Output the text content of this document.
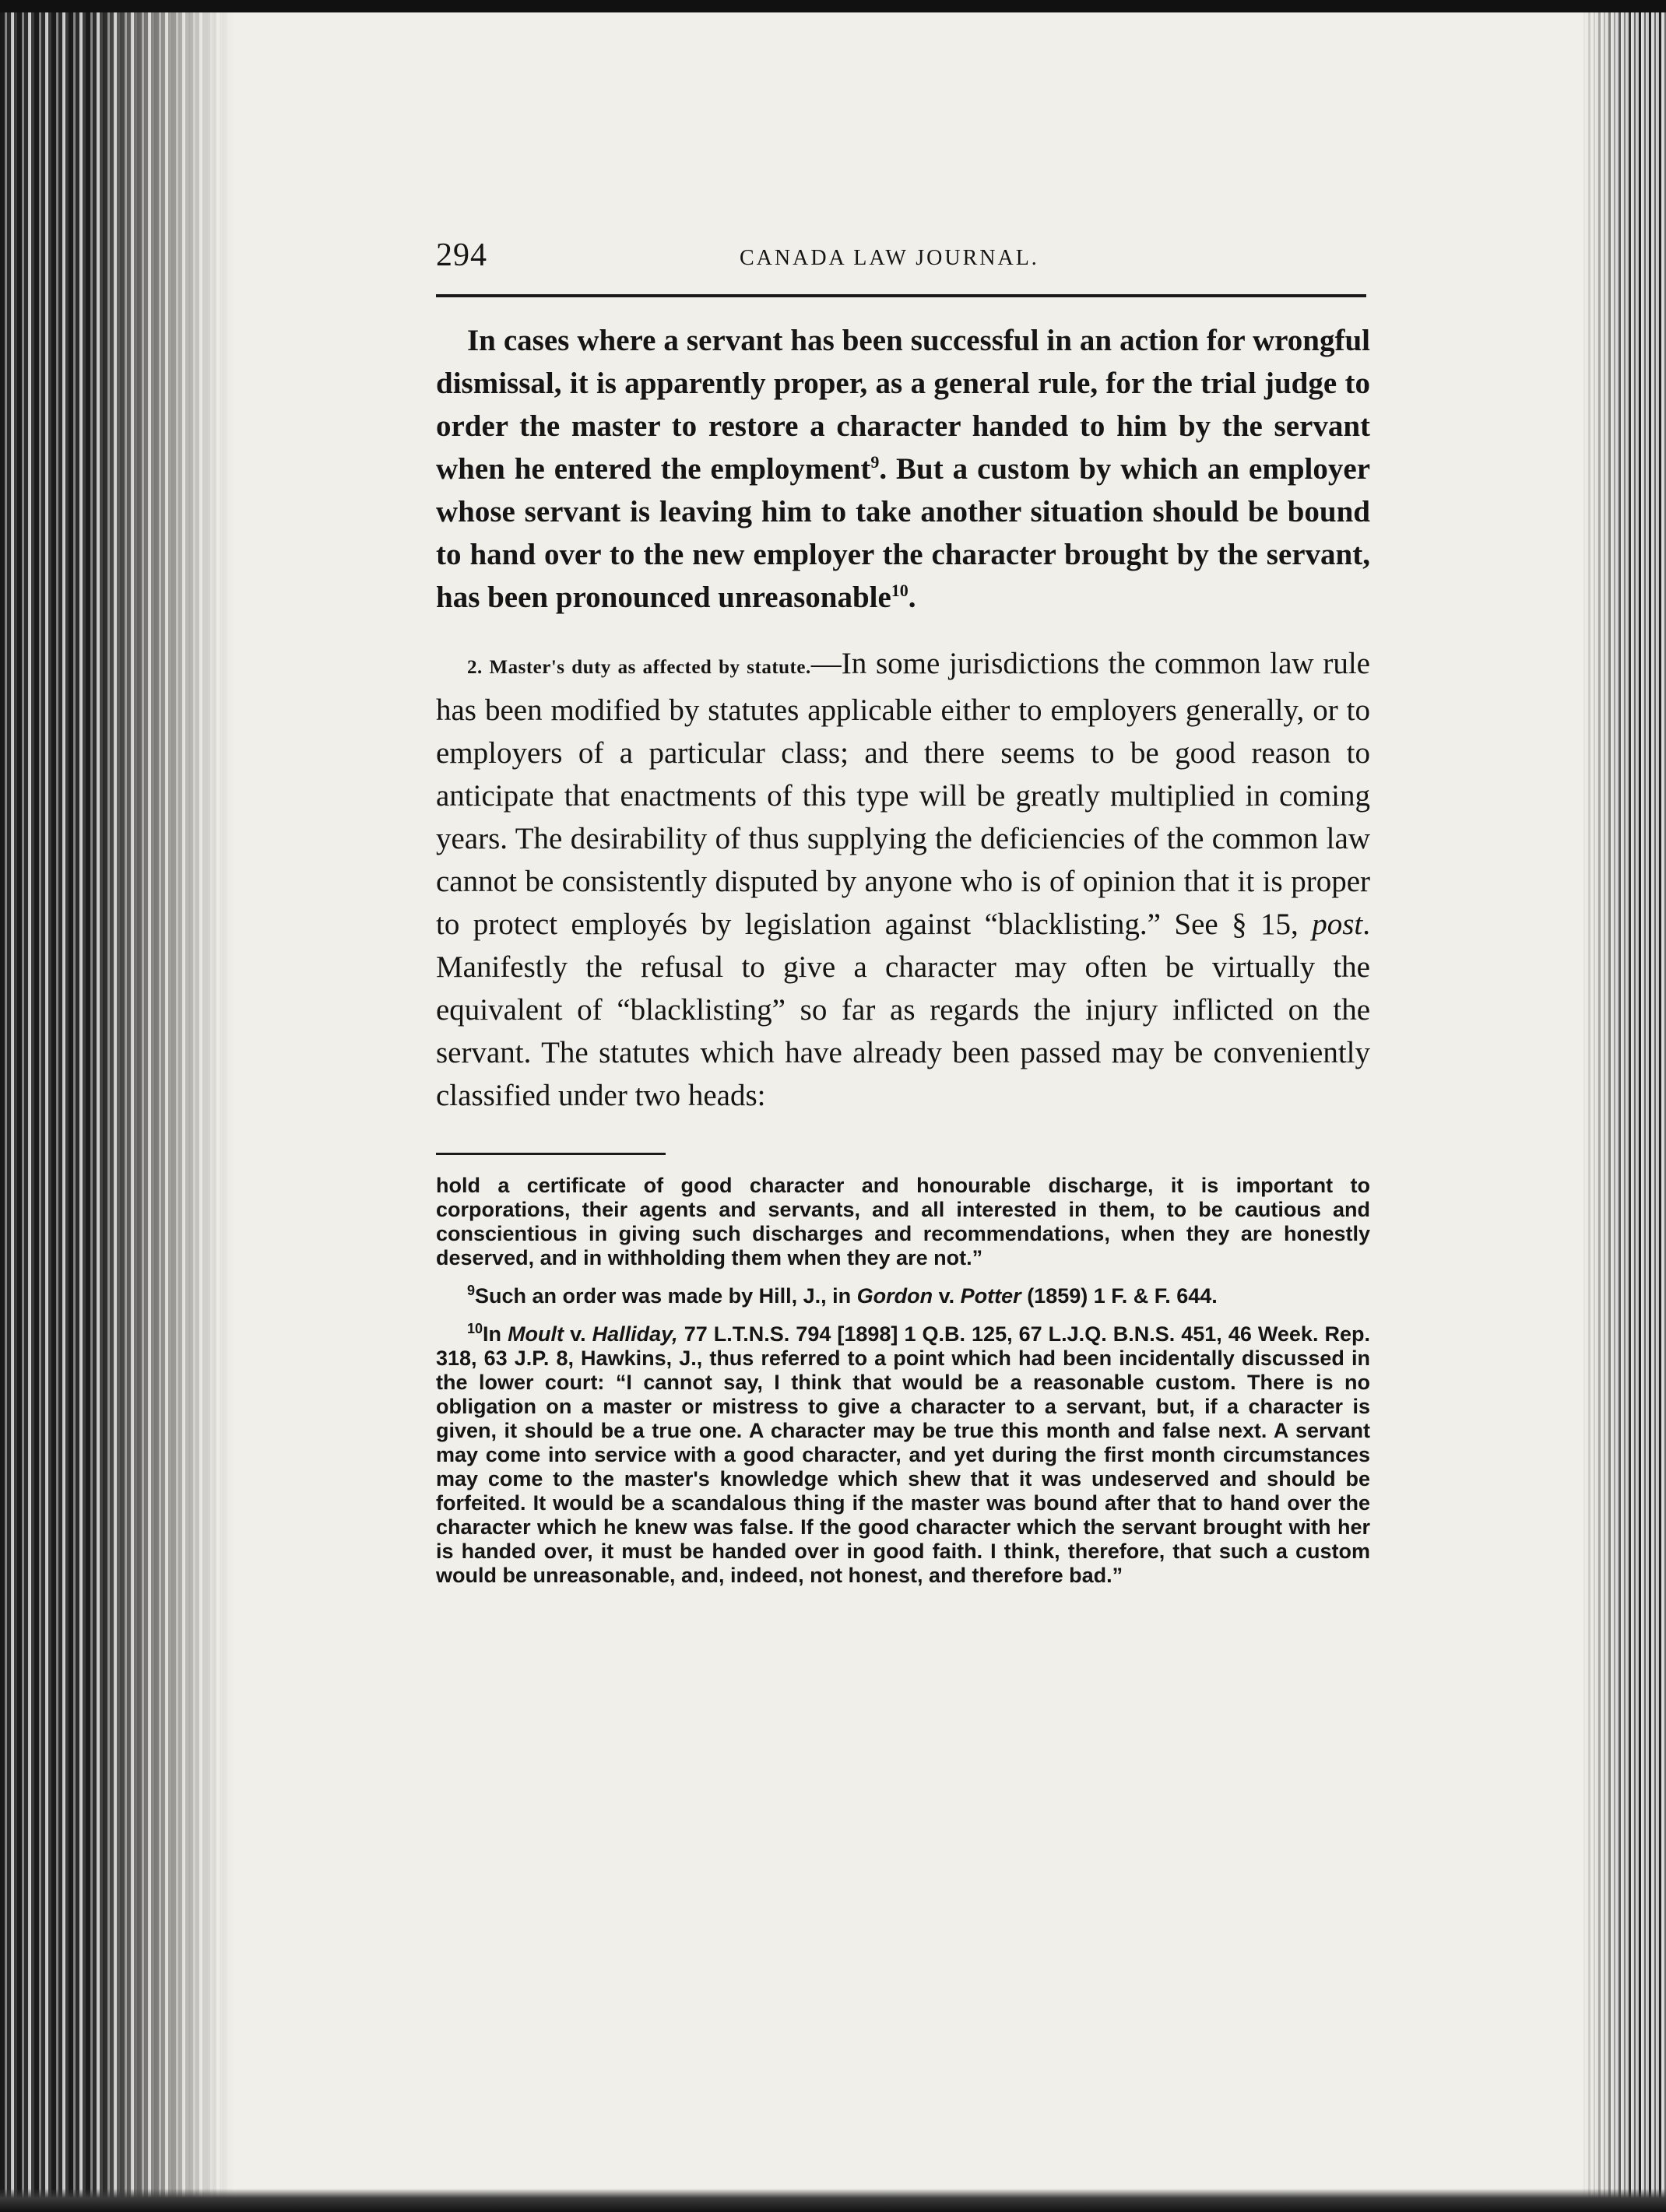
294	CANADA LAW JOURNAL.

In cases where a servant has been successful in an action for wrongful dismissal, it is apparently proper, as a general rule, for the trial judge to order the master to restore a character handed to him by the servant when he entered the employment$^9$. But a custom by which an employer whose servant is leaving him to take another situation should be bound to hand over to the new employer the character brought by the servant, has been pronounced unreasonable$^{10}$.

2. Master's duty as affected by statute.—In some jurisdictions the common law rule has been modified by statutes applicable either to employers generally, or to employers of a particular class; and there seems to be good reason to anticipate that enactments of this type will be greatly multiplied in coming years. The desirability of thus supplying the deficiencies of the common law cannot be consistently disputed by anyone who is of opinion that it is proper to protect employés by legislation against “blacklisting.” See § 15, post. Manifestly the refusal to give a character may often be virtually the equivalent of “blacklisting” so far as regards the injury inflicted on the servant. The statutes which have already been passed may be conveniently classified under two heads:

hold a certificate of good character and honourable discharge, it is important to corporations, their agents and servants, and all interested in them, to be cautious and conscientious in giving such discharges and recommendations, when they are honestly deserved, and in withholding them when they are not.”

$^9$Such an order was made by Hill, J., in Gordon v. Potter (1859) 1 F. & F. 644.

$^{10}$In Moult v. Halliday, 77 L.T.N.S. 794 [1898] 1 Q.B. 125, 67 L.J.Q. B.N.S. 451, 46 Week. Rep. 318, 63 J.P. 8, Hawkins, J., thus referred to a point which had been incidentally discussed in the lower court: “I cannot say, I think that would be a reasonable custom. There is no obligation on a master or mistress to give a character to a servant, but, if a character is given, it should be a true one. A character may be true this month and false next. A servant may come into service with a good character, and yet during the first month circumstances may come to the master's knowledge which shew that it was undeserved and should be forfeited. It would be a scandalous thing if the master was bound after that to hand over the character which he knew was false. If the good character which the servant brought with her is handed over, it must be handed over in good faith. I think, therefore, that such a custom would be unreasonable, and, indeed, not honest, and therefore bad.”
